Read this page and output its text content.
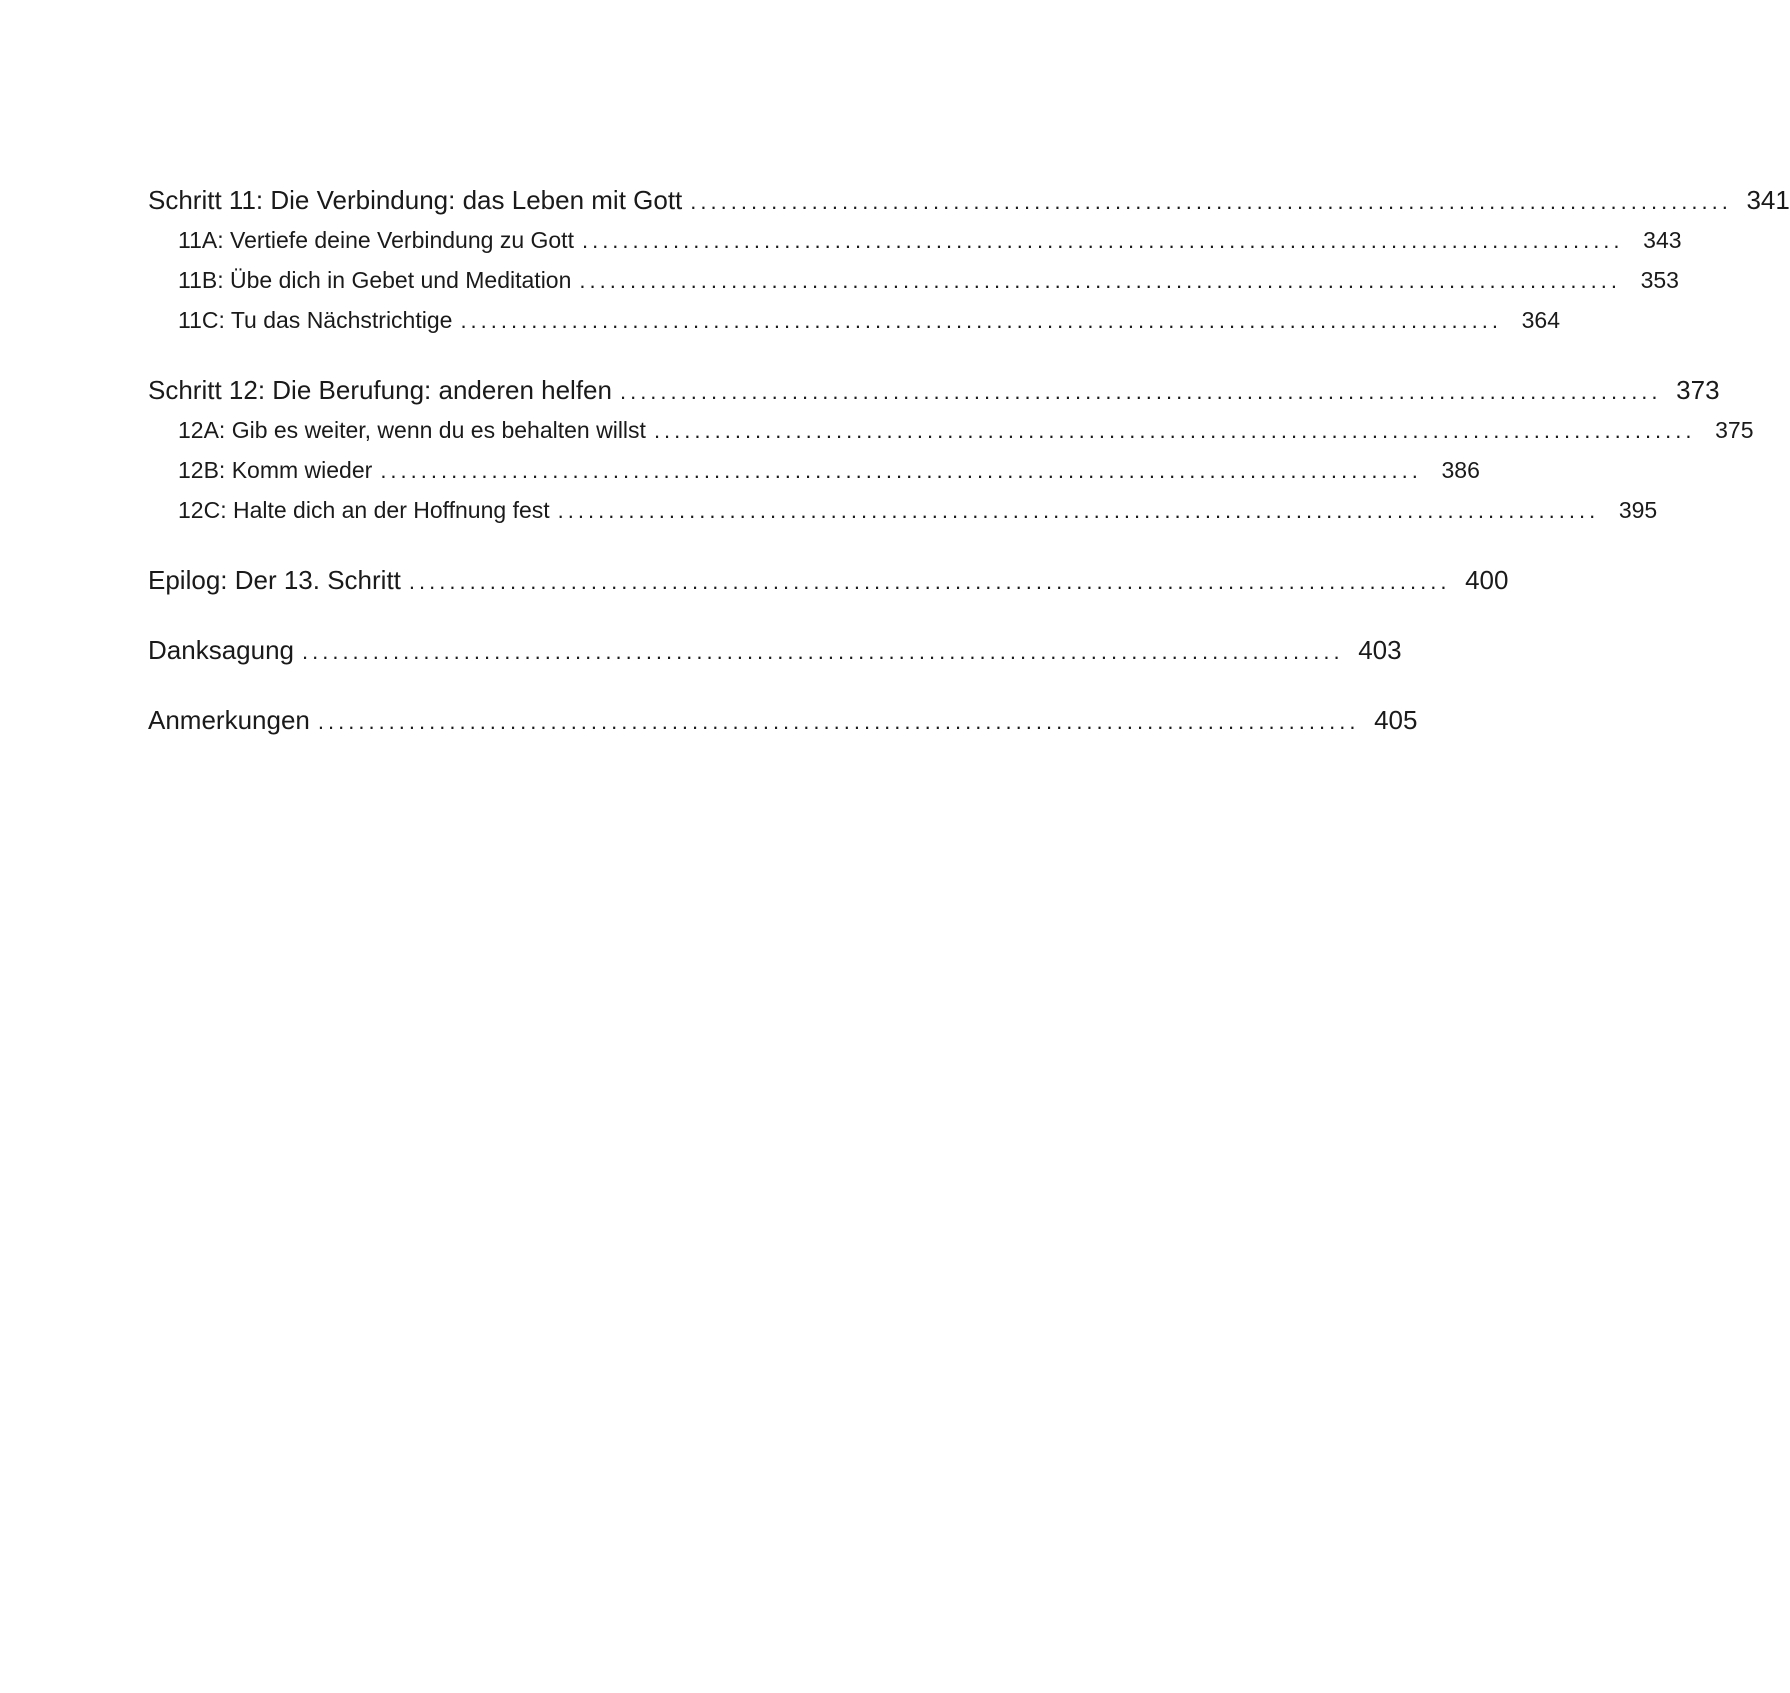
Schritt 11: Die Verbindung: das Leben mit Gott ....................................................................................................... 341
11A: Vertiefe deine Verbindung zu Gott ....................................................................................................... 343
11B: Übe dich in Gebet und Meditation ....................................................................................................... 353
11C: Tu das Nächstrichtige ....................................................................................................... 364
Schritt 12: Die Berufung: anderen helfen ....................................................................................................... 373
12A: Gib es weiter, wenn du es behalten willst ....................................................................................................... 375
12B: Komm wieder ....................................................................................................... 386
12C: Halte dich an der Hoffnung fest ....................................................................................................... 395
Epilog: Der 13. Schritt ....................................................................................................... 400
Danksagung ....................................................................................................... 403
Anmerkungen ....................................................................................................... 405
